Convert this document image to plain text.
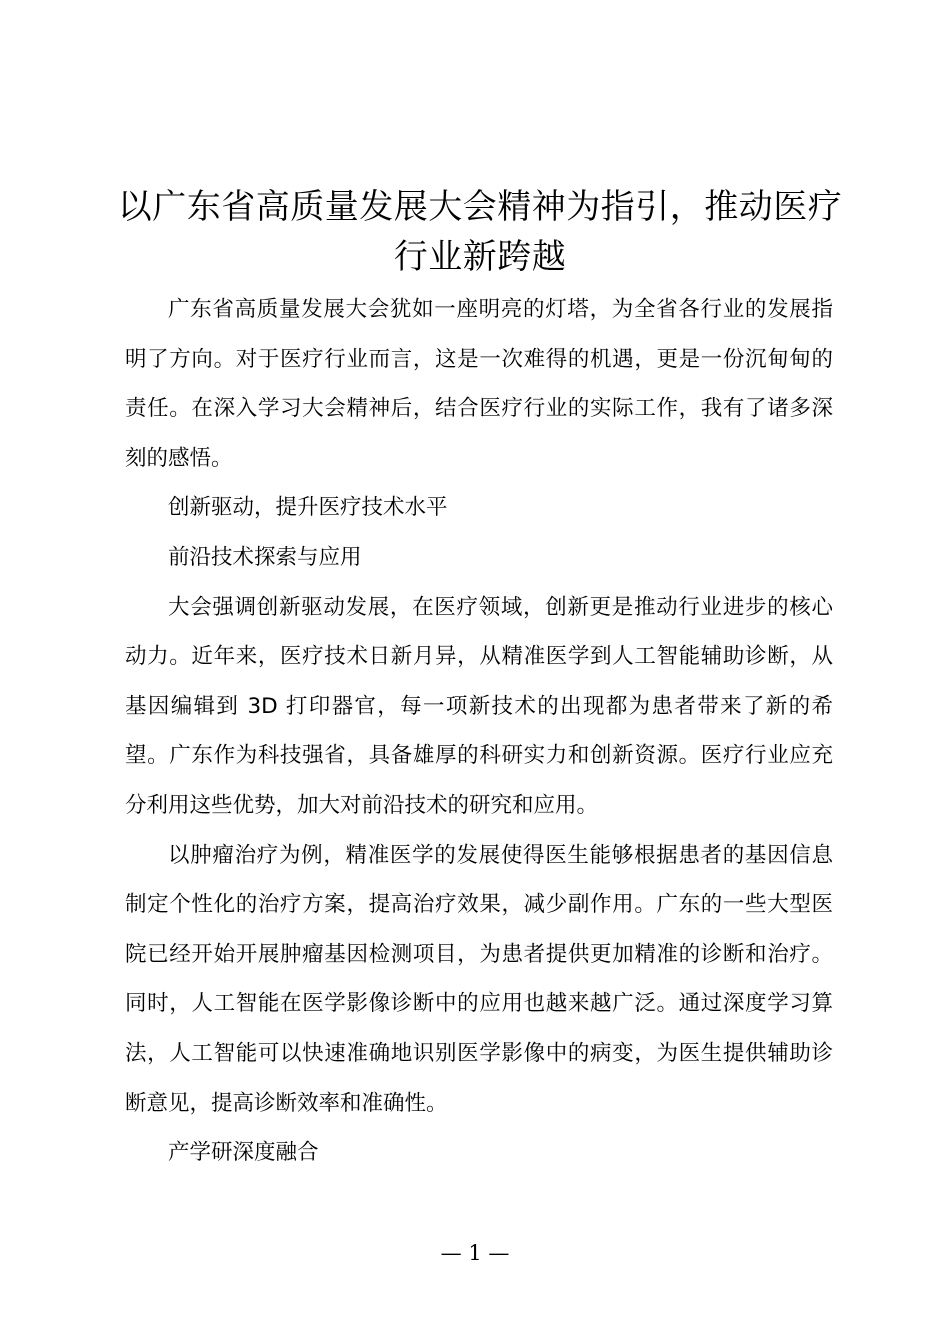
以广东省高质量发展大会精神为指引，推动医疗行业新跨越

广东省高质量发展大会犹如一座明亮的灯塔，为全省各行业的发展指明了方向。对于医疗行业而言，这是一次难得的机遇，更是一份沉甸甸的责任。在深入学习大会精神后，结合医疗行业的实际工作，我有了诸多深刻的感悟。

创新驱动，提升医疗技术水平

前沿技术探索与应用

大会强调创新驱动发展，在医疗领域，创新更是推动行业进步的核心动力。近年来，医疗技术日新月异，从精准医学到人工智能辅助诊断，从基因编辑到 3D 打印器官，每一项新技术的出现都为患者带来了新的希望。广东作为科技强省，具备雄厚的科研实力和创新资源。医疗行业应充分利用这些优势，加大对前沿技术的研究和应用。

以肿瘤治疗为例，精准医学的发展使得医生能够根据患者的基因信息制定个性化的治疗方案，提高治疗效果，减少副作用。广东的一些大型医院已经开始开展肿瘤基因检测项目，为患者提供更加精准的诊断和治疗。同时，人工智能在医学影像诊断中的应用也越来越广泛。通过深度学习算法，人工智能可以快速准确地识别医学影像中的病变，为医生提供辅助诊断意见，提高诊断效率和准确性。

产学研深度融合

— 1 —
